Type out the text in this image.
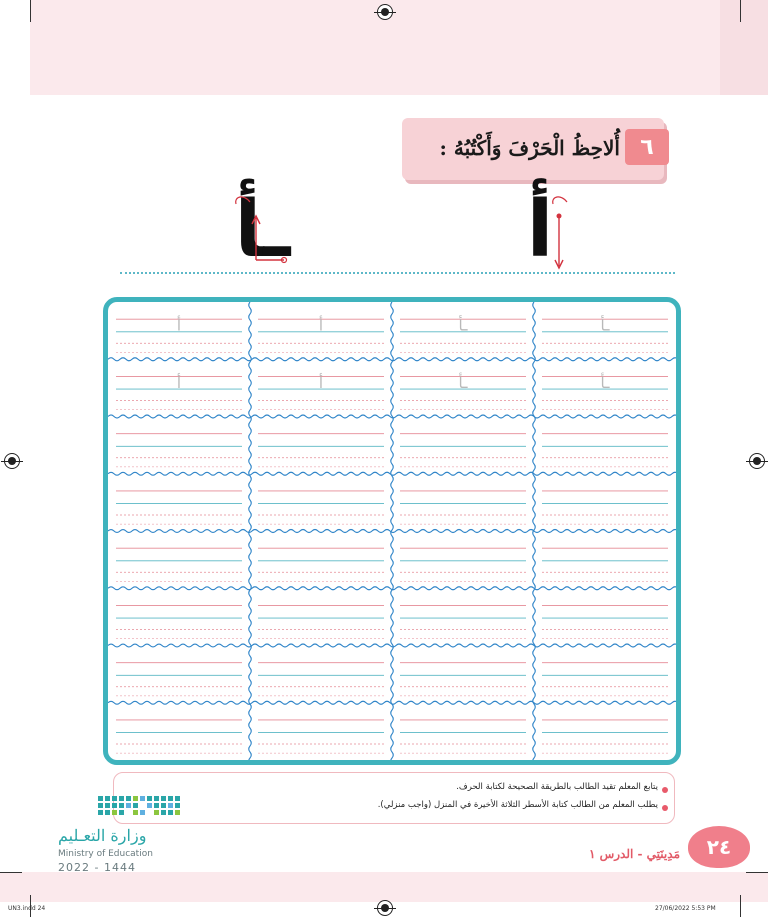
٦
أُلاحِظُ الْحَرْفَ وَأَكْتُبُهُ :
أ
ـأ
ـأ
ـأ
أ
أ
ـأ
ـأ
أ
أ
يتابع المعلم تقيد الطالب بالطريقة الصحيحة لكتابة الحرف.
يطلب المعلم من الطالب كتابة الأسطر الثلاثة الأخيرة في المنزل (واجب منزلي).
وزارة التعـليم
Ministry of Education
2022 - 1444
مَدِينَتِي - الدرس ١	٢٤
UN3.indd 24	27/06/2022 5:53 PM
